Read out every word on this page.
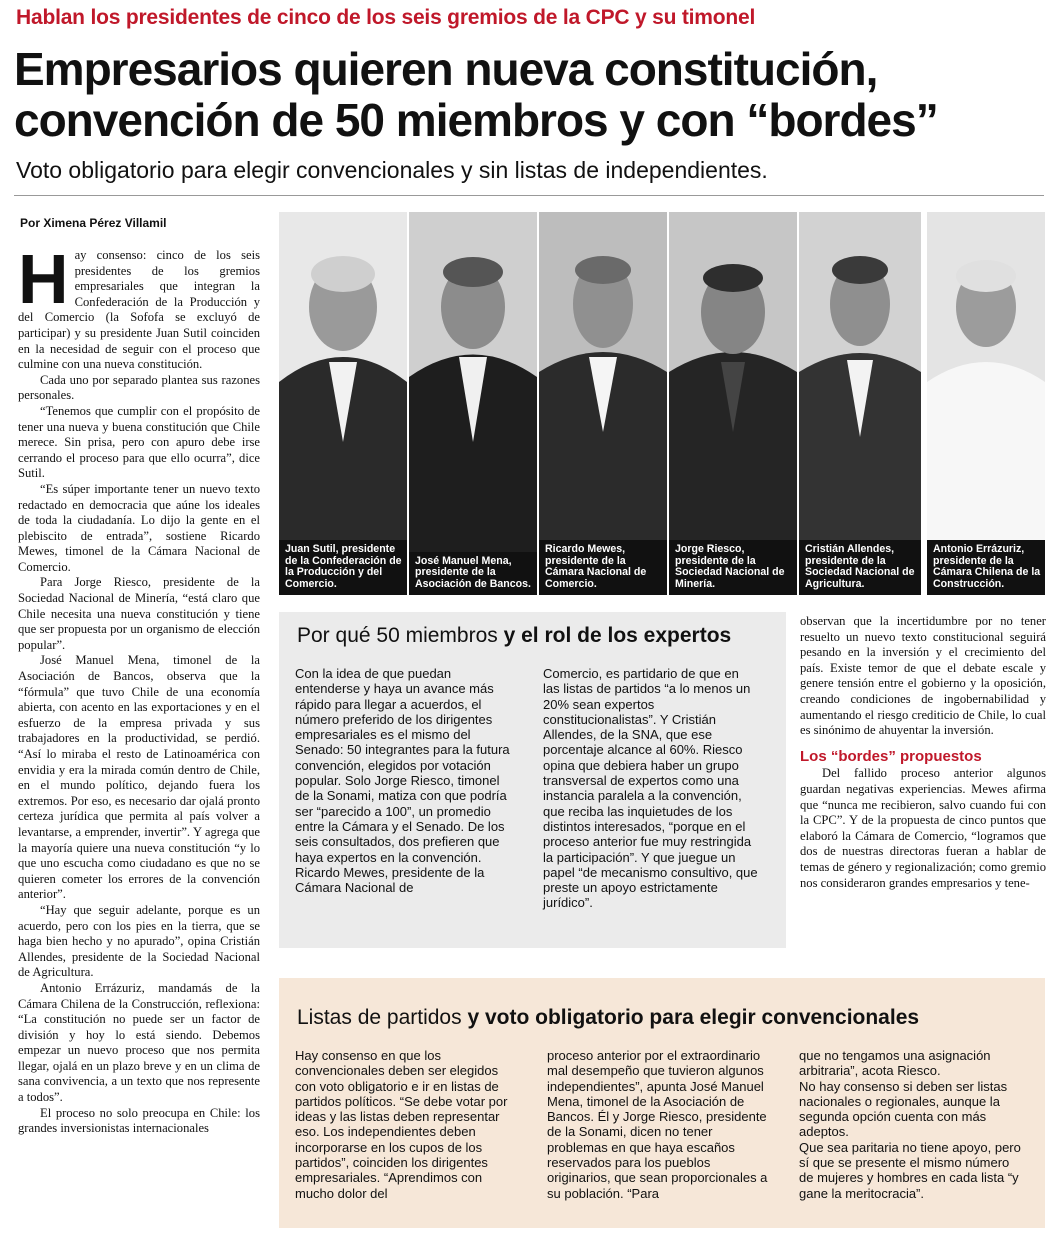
Hablan los presidentes de cinco de los seis gremios de la CPC y su timonel
Empresarios quieren nueva constitución,
convención de 50 miembros y con “bordes”
Voto obligatorio para elegir convencionales y sin listas de independientes.
Por Ximena Pérez Villamil

Hay consenso: cinco de los seis presidentes de los gremios empresariales que integran la Confederación de la Producción y del Comercio (la Sofofa se excluyó de participar) y su presidente Juan Sutil coinciden en la necesidad de seguir con el proceso que culmine con una nueva constitución.

Cada uno por separado plantea sus razones personales.

“Tenemos que cumplir con el propósito de tener una nueva y buena constitución que Chile merece. Sin prisa, pero con apuro debe irse cerrando el proceso para que ello ocurra”, dice Sutil.

“Es súper importante tener un nuevo texto redactado en democracia que aúne los ideales de toda la ciudadanía. Lo dijo la gente en el plebiscito de entrada”, sostiene Ricardo Mewes, timonel de la Cámara Nacional de Comercio.

Para Jorge Riesco, presidente de la Sociedad Nacional de Minería, “está claro que Chile necesita una nueva constitución y tiene que ser propuesta por un organismo de elección popular”.

José Manuel Mena, timonel de la Asociación de Bancos, observa que la “fórmula” que tuvo Chile de una economía abierta, con acento en las exportaciones y en el esfuerzo de la empresa privada y sus trabajadores en la productividad, se perdió. “Así lo miraba el resto de Latinoamérica con envidia y era la mirada común dentro de Chile, en el mundo político, dejando fuera los extremos. Por eso, es necesario dar ojalá pronto certeza jurídica que permita al país volver a levantarse, a emprender, invertir”. Y agrega que la mayoría quiere una nueva constitución “y lo que uno escucha como ciudadano es que no se quieren cometer los errores de la convención anterior”.

“Hay que seguir adelante, porque es un acuerdo, pero con los pies en la tierra, que se haga bien hecho y no apurado”, opina Cristián Allendes, presidente de la Sociedad Nacional de Agricultura.

Antonio Errázuriz, mandamás de la Cámara Chilena de la Construcción, reflexiona: “La constitución no puede ser un factor de división y hoy lo está siendo. Debemos empezar un nuevo proceso que nos permita llegar, ojalá en un plazo breve y en un clima de sana convivencia, a un texto que nos represente a todos”.

El proceso no solo preocupa en Chile: los grandes inversionistas internacionales

Juan Sutil, presidente de la Confederación de la Producción y del Comercio.
José Manuel Mena, presidente de la Asociación de Bancos.
Ricardo Mewes, presidente de la Cámara Nacional de Comercio.
Jorge Riesco, presidente de la Sociedad Nacional de Minería.
Cristián Allendes, presidente de la Sociedad Nacional de Agricultura.
Antonio Errázuriz, presidente de la Cámara Chilena de la Construcción.
Por qué 50 miembros y el rol de los expertos
Con la idea de que puedan entenderse y haya un avance más rápido para llegar a acuerdos, el número preferido de los dirigentes empresariales es el mismo del Senado: 50 integrantes para la futura convención, elegidos por votación popular. Solo Jorge Riesco, timonel de la Sonami, matiza con que podría ser “parecido a 100”, un promedio entre la Cámara y el Senado. De los seis consultados, dos prefieren que haya expertos en la convención. Ricardo Mewes, presidente de la Cámara Nacional de
Comercio, es partidario de que en las listas de partidos “a lo menos un 20% sean expertos constitucionalistas”. Y Cristián Allendes, de la SNA, que ese porcentaje alcance al 60%. Riesco opina que debiera haber un grupo transversal de expertos como una instancia paralela a la convención, que reciba las inquietudes de los distintos interesados, “porque en el proceso anterior fue muy restringida la participación”. Y que juegue un papel “de mecanismo consultivo, que preste un apoyo estrictamente jurídico”.

observan que la incertidumbre por no tener resuelto un nuevo texto constitucional seguirá pesando en la inversión y el crecimiento del país. Existe temor de que el debate escale y genere tensión entre el gobierno y la oposición, creando condiciones de ingobernabilidad y aumentando el riesgo crediticio de Chile, lo cual es sinónimo de ahuyentar la inversión.

Los “bordes” propuestos

Del fallido proceso anterior algunos guardan negativas experiencias. Mewes afirma que “nunca me recibieron, salvo cuando fui con la CPC”. Y de la propuesta de cinco puntos que elaboró la Cámara de Comercio, “logramos que dos de nuestras directoras fueran a hablar de temas de género y regionalización; como gremio nos consideraron grandes empresarios y tene-

Listas de partidos y voto obligatorio para elegir convencionales
Hay consenso en que los convencionales deben ser elegidos con voto obligatorio e ir en listas de partidos políticos. “Se debe votar por ideas y las listas deben representar eso. Los independientes deben incorporarse en los cupos de los partidos”, coinciden los dirigentes empresariales. “Aprendimos con mucho dolor del
proceso anterior por el extraordinario mal desempeño que tuvieron algunos independientes”, apunta José Manuel Mena, timonel de la Asociación de Bancos. Él y Jorge Riesco, presidente de la Sonami, dicen no tener problemas en que haya escaños reservados para los pueblos originarios, que sean proporcionales a su población. “Para
que no tengamos una asignación arbitraria”, acota Riesco.
No hay consenso si deben ser listas nacionales o regionales, aunque la segunda opción cuenta con más adeptos.
Que sea paritaria no tiene apoyo, pero sí que se presente el mismo número de mujeres y hombres en cada lista “y gane la meritocracia”.
